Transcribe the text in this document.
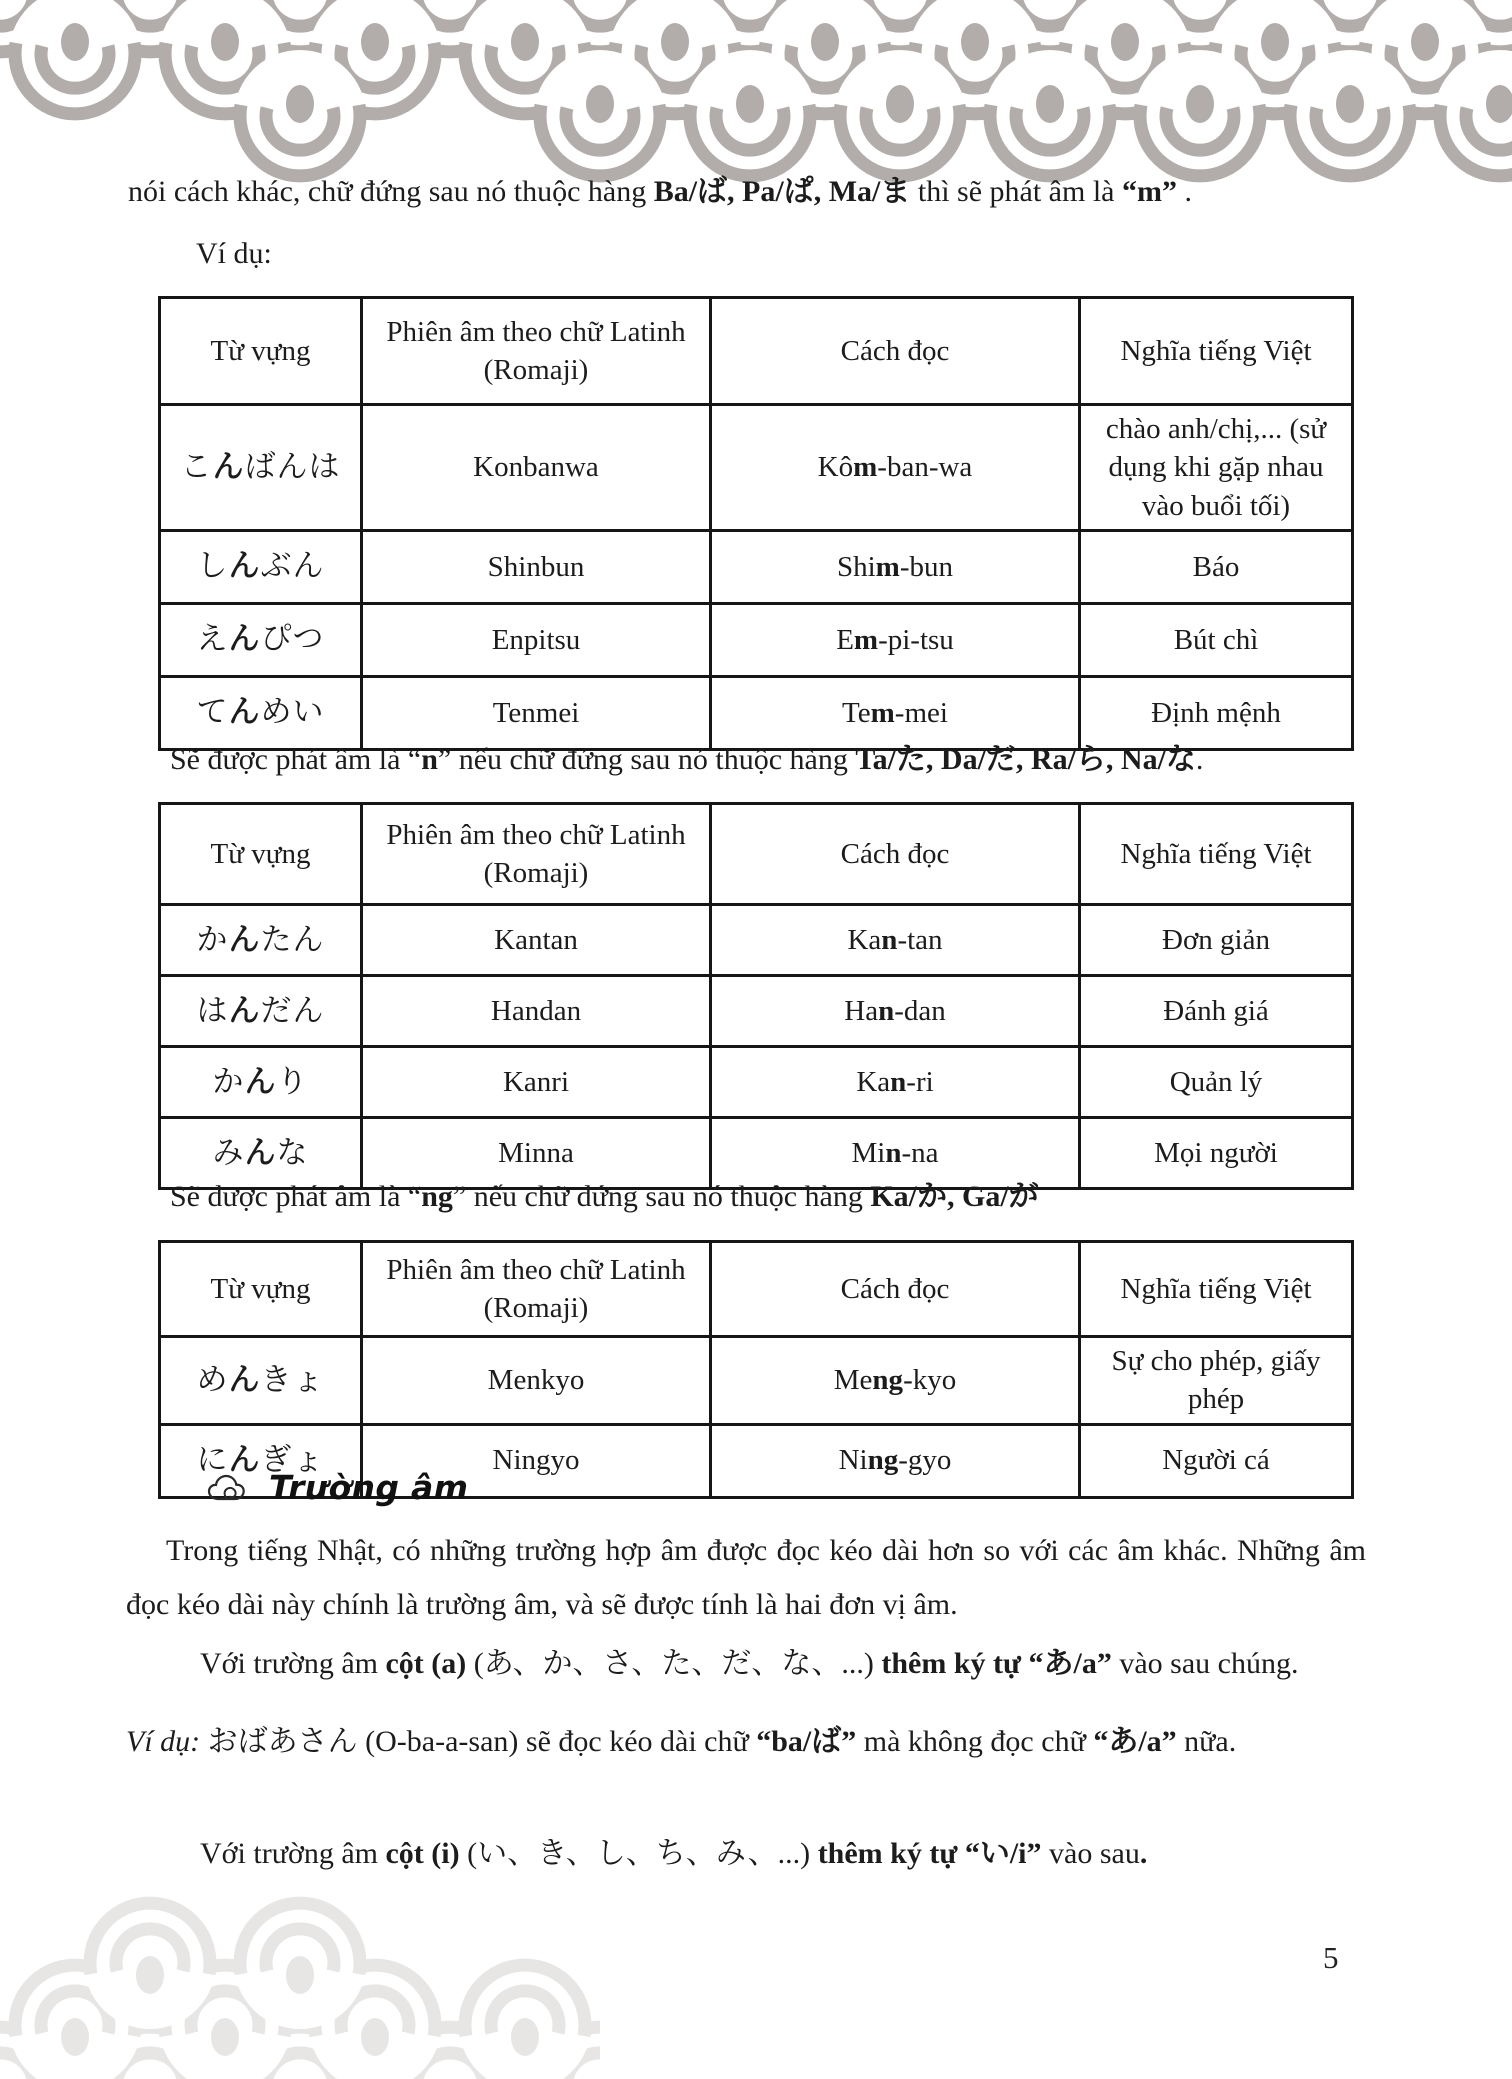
nói cách khác, chữ đứng sau nó thuộc hàng Ba/ば, Pa/ぱ, Ma/ま thì sẽ phát âm là “m” .
Ví dụ:
Từ vựng	Phiên âm theo chữ Latinh (Romaji)	Cách đọc	Nghĩa tiếng Việt
こんばんは	Konbanwa	Kôm-ban-wa	chào anh/chị,... (sử dụng khi gặp nhau vào buổi tối)
しんぶん	Shinbun	Shim-bun	Báo
えんぴつ	Enpitsu	Em-pi-tsu	Bút chì
てんめい	Tenmei	Tem-mei	Định mệnh
Sẽ được phát âm là “n” nếu chữ đứng sau nó thuộc hàng Ta/た, Da/だ, Ra/ら, Na/な.
Từ vựng	Phiên âm theo chữ Latinh (Romaji)	Cách đọc	Nghĩa tiếng Việt
かんたん	Kantan	Kan-tan	Đơn giản
はんだん	Handan	Han-dan	Đánh giá
かんり	Kanri	Kan-ri	Quản lý
みんな	Minna	Min-na	Mọi người
Sẽ được phát âm là “ng” nếu chữ đứng sau nó thuộc hàng Ka/か, Ga/が
Từ vựng	Phiên âm theo chữ Latinh (Romaji)	Cách đọc	Nghĩa tiếng Việt
めんきょ	Menkyo	Meng-kyo	Sự cho phép, giấy phép
にんぎょ	Ningyo	Ning-gyo	Người cá
Trường âm
Trong tiếng Nhật, có những trường hợp âm được đọc kéo dài hơn so với các âm khác. Những âm đọc kéo dài này chính là trường âm, và sẽ được tính là hai đơn vị âm.
Với trường âm cột (a) (あ、か、さ、た、だ、な、...) thêm ký tự “あ/a” vào sau chúng.
Ví dụ: おばあさん (O-ba-a-san) sẽ đọc kéo dài chữ “ba/ば” mà không đọc chữ “あ/a” nữa.
Với trường âm cột (i) (い、き、し、ち、み、...) thêm ký tự “い/i” vào sau.
5
